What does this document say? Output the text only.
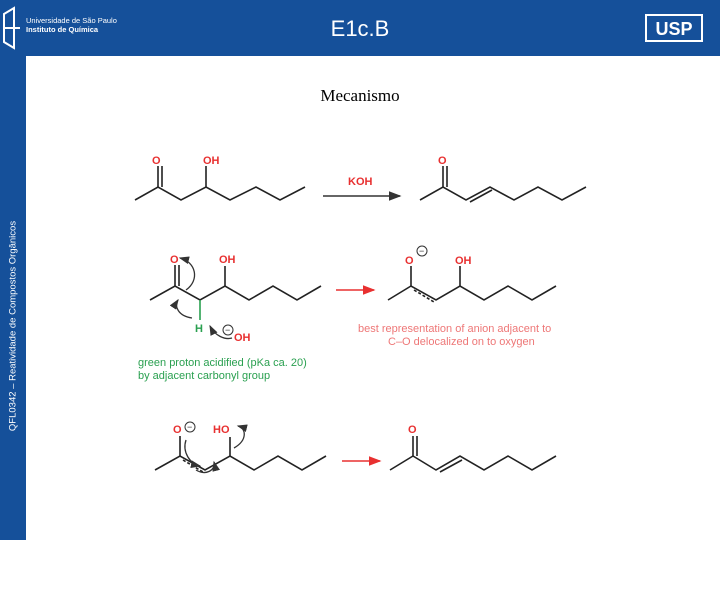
Universidade de São Paulo
Instituto de Química	E1c.B	USP
QFL0342 – Reatividade de Compostos Orgânicos
43
Mecanismo
O	OH
KOH
O
O	OH
H
OH
−
O
−
OH
O − HO	O
best representation of anion adjacent to
C–O delocalized on to oxygen
green proton acidified (pKa ca. 20)
by adjacent carbonyl group
